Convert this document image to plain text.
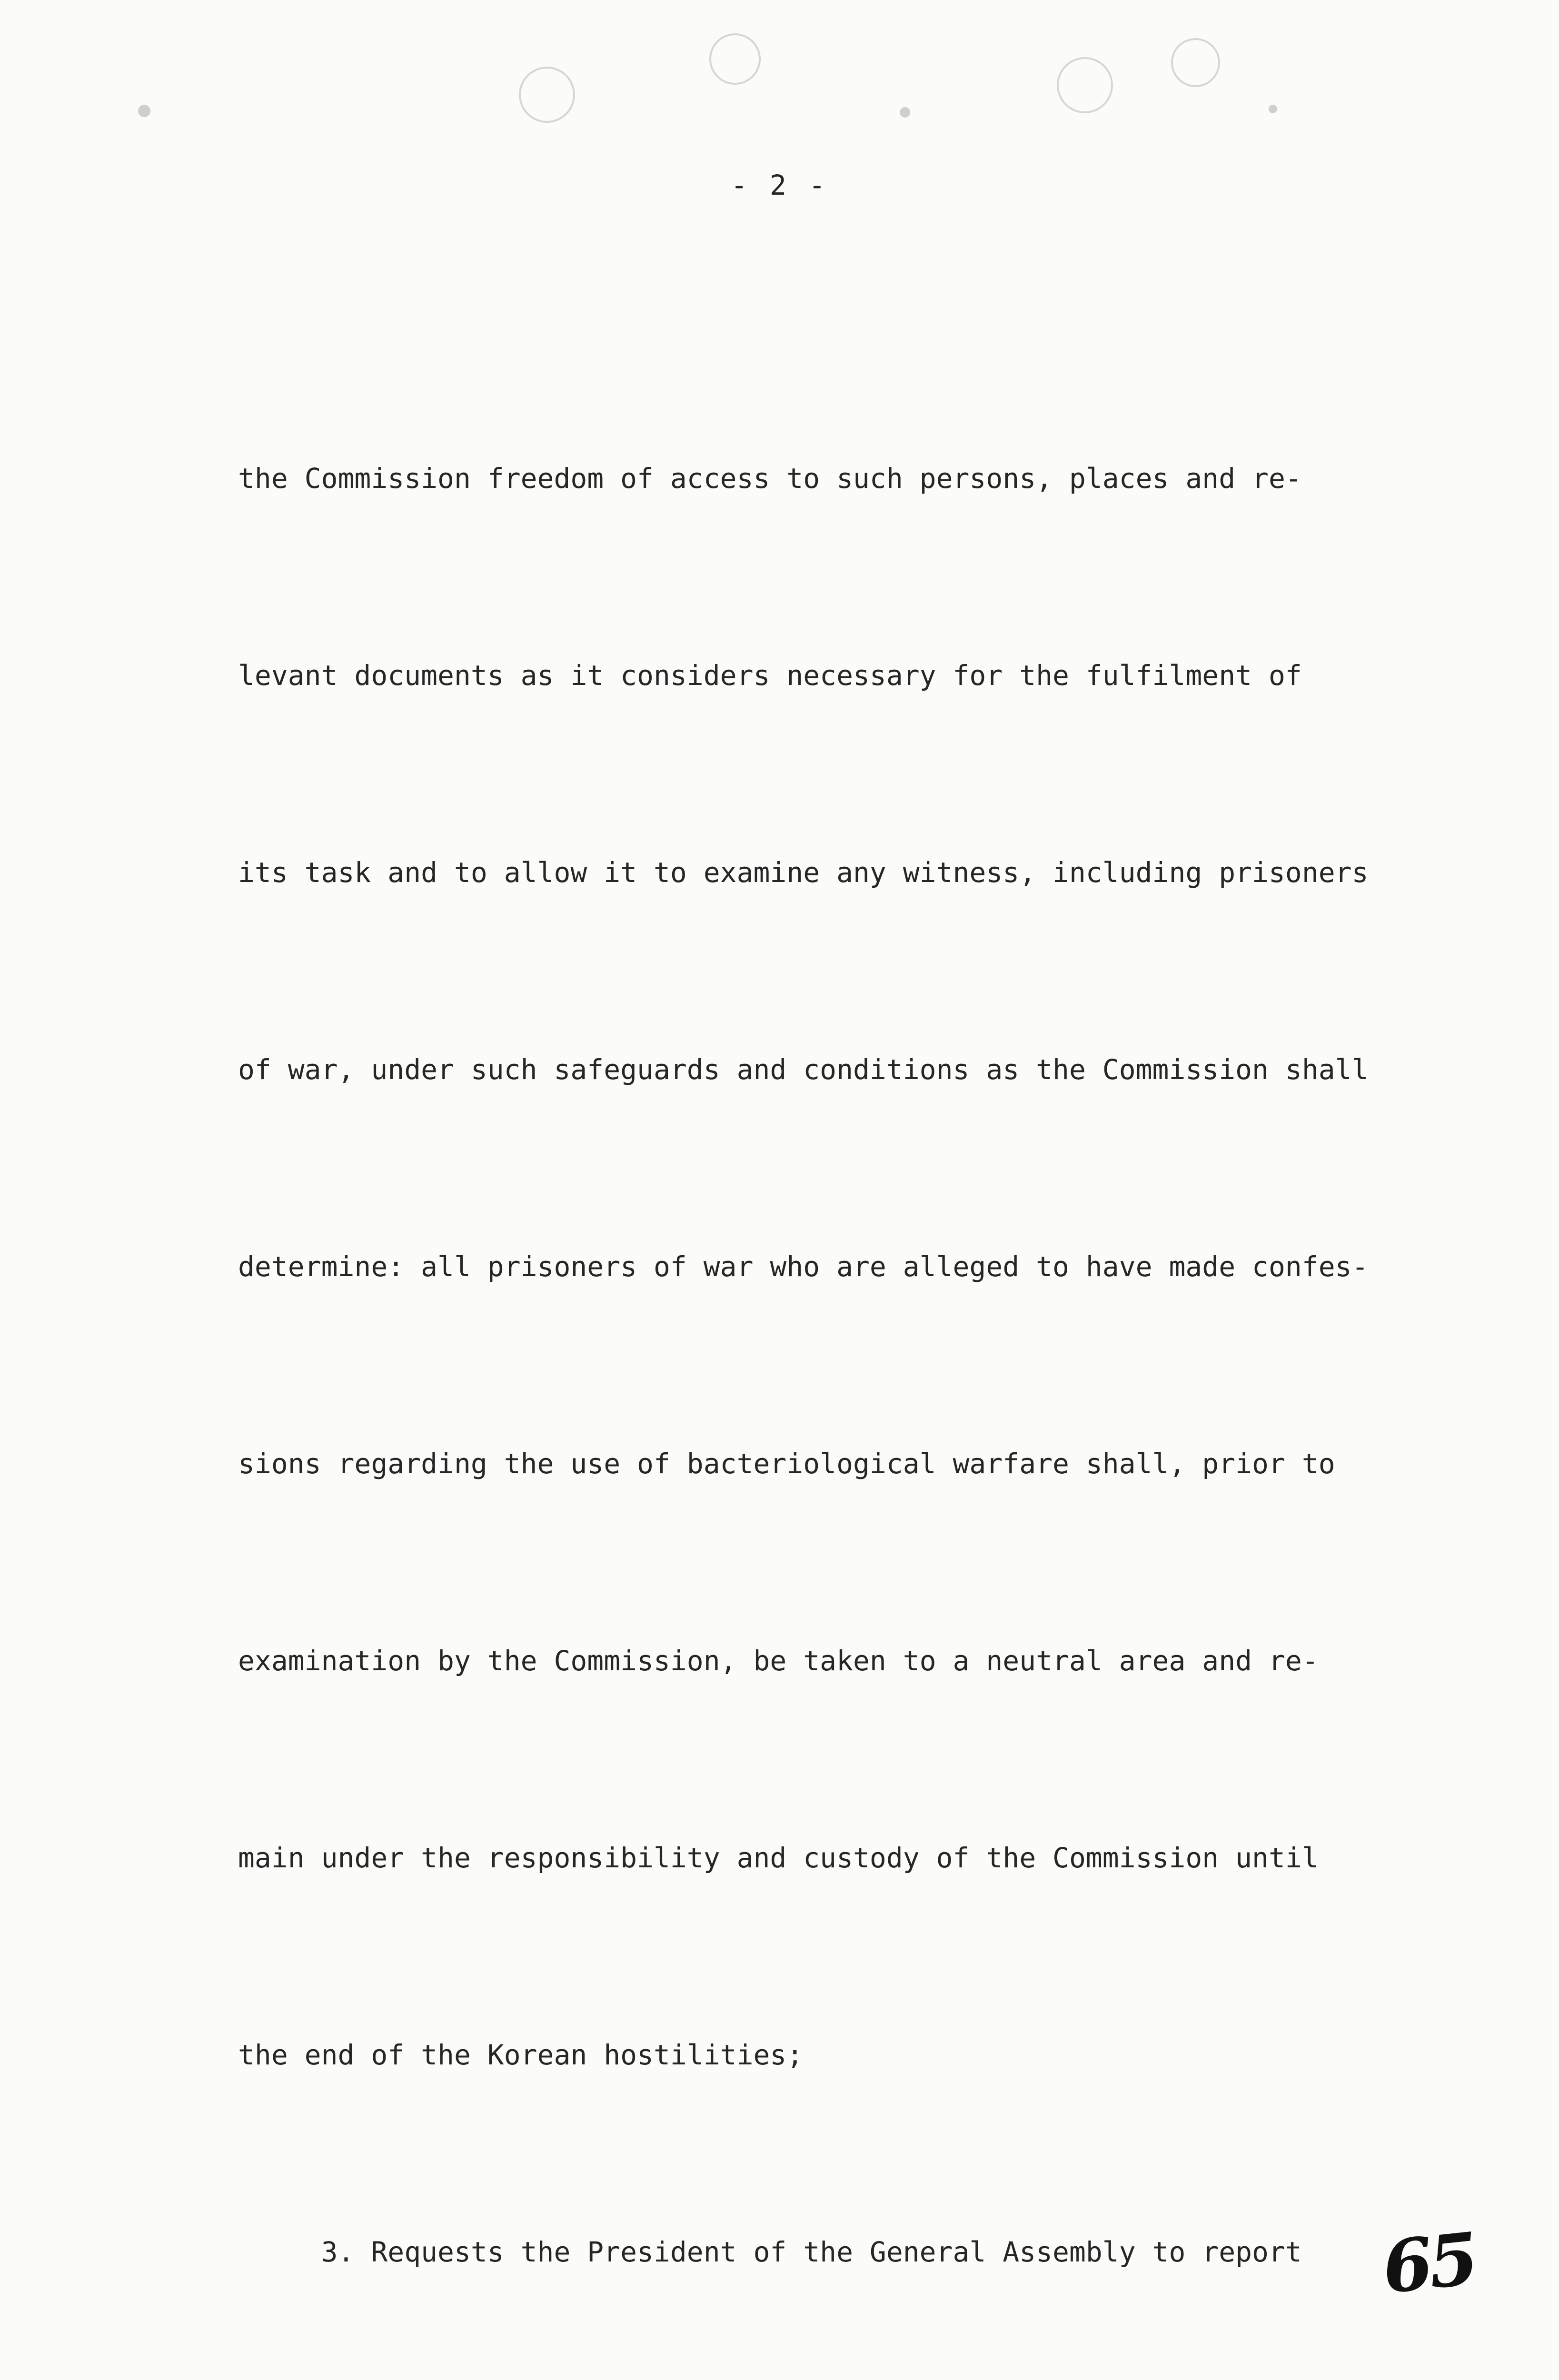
- 2 -

the Commission freedom of access to such persons, places and re-

levant documents as it considers necessary for the fulfilment of

its task and to allow it to examine any witness, including prisoners

of war, under such safeguards and conditions as the Commission shall

determine: all prisoners of war who are alleged to have made confes-

sions regarding the use of bacteriological warfare shall, prior to

examination by the Commission, be taken to a neutral area and re-

main under the responsibility and custody of the Commission until

the end of the Korean hostilities;

3. Requests the President of the General Assembly to report

	65
